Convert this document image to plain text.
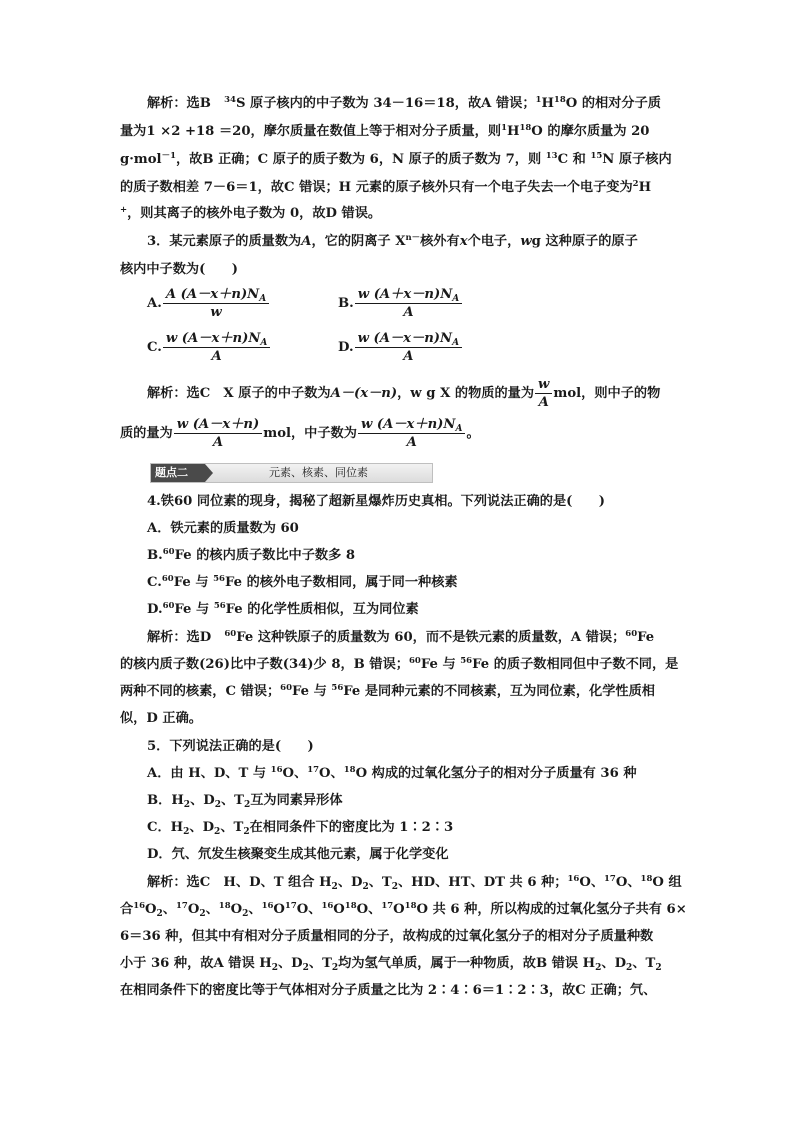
解析：选B　$^{34}$S 原子核内的中子数为 34－16＝18，故A 错误；$^1H^{18}O$ 的相对分子质
量为1 ×2 +18 ＝20，摩尔质量在数值上等于相对分子质量，则$^1H^{18}O$ 的摩尔质量为 20
g·mol$^{-1}$，故B 正确；C 原子的质子数为 6，N 原子的质子数为 7，则 $^{13}$C 和 $^{15}$N 原子核内
的质子数相差 7－6＝1，故C 错误；H 元素的原子核外只有一个电子失去一个电子变为$^2$H
+，则其离子的核外电子数为 0，故D 错误。
3．某元素原子的质量数为A，它的阴离子 $X^{n-}$核外有x个电子，wg 这种原子的原子
核内中子数为(　　)
A. $\frac{A (A-x+n)N_A}{w}$	B. $\frac{w (A+x-n)N_A}{A}$
C. $\frac{w (A-x+n)N_A}{A}$	D. $\frac{w (A-x-n)N_A}{A}$
解析：选C　X 原子的中子数为A－(x－n)，w g X 的物质的量为 $\frac{w}{A}$ mol，则中子的物
质的量为 $\frac{w (A-x+n)}{A}$ mol，中子数为 $\frac{w (A-x+n)N_A}{A}$ 。
题点二	元素、核素、同位素
4.铁60 同位素的现身，揭秘了超新星爆炸历史真相。下列说法正确的是(　　)
A．铁元素的质量数为 60
B.$^{60}$Fe 的核内质子数比中子数多 8
C.$^{60}$Fe 与 $^{56}$Fe 的核外电子数相同，属于同一种核素
D.$^{60}$Fe 与 $^{56}$Fe 的化学性质相似，互为同位素
解析：选D　$^{60}$Fe 这种铁原子的质量数为 60，而不是铁元素的质量数，A 错误；$^{60}$Fe
的核内质子数(26)比中子数(34)少 8，B 错误；$^{60}$Fe 与 $^{56}$Fe 的质子数相同但中子数不同，是
两种不同的核素，C 错误；$^{60}$Fe 与 $^{56}$Fe 是同种元素的不同核素，互为同位素，化学性质相
似，D 正确。
5．下列说法正确的是(　　)
A．由 H、D、T 与 $^{16}$O、$^{17}$O、$^{18}$O 构成的过氧化氢分子的相对分子质量有 36 种
B．$H_2$、$D_2$、$T_2$互为同素异形体
C．$H_2$、$D_2$、$T_2$在相同条件下的密度比为 1∶2∶3
D．氕、氘发生核聚变生成其他元素，属于化学变化
解析：选C　H、D、T 组合 $H_2$、$D_2$、$T_2$、HD、HT、DT 共 6 种；$^{16}$O、$^{17}$O、$^{18}$O 组
合$^{16}O_2$、$^{17}O_2$、$^{18}O_2$、$^{16}O^{17}O$、$^{16}O^{18}O$、$^{17}O^{18}O$ 共 6 种，所以构成的过氧化氢分子共有 6×
6＝36 种，但其中有相对分子质量相同的分子，故构成的过氧化氢分子的相对分子质量种数
小于 36 种，故A 错误 $H_2$、$D_2$、$T_2$均为氢气单质，属于一种物质，故B 错误 $H_2$、$D_2$、$T_2$
在相同条件下的密度比等于气体相对分子质量之比为 2∶4∶6＝1∶2∶3，故C 正确；氕、
